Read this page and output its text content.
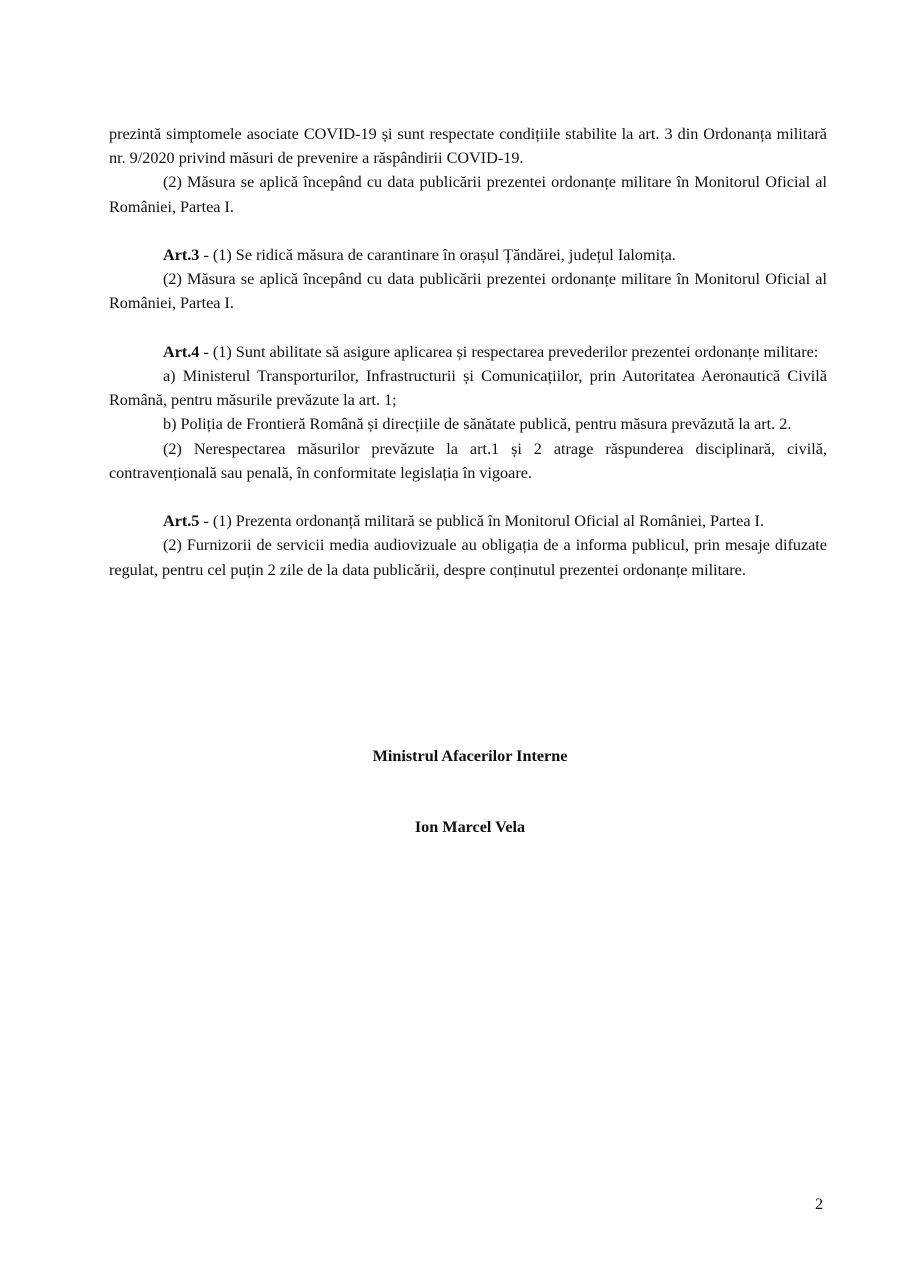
prezintă simptomele asociate COVID-19 și sunt respectate condițiile stabilite la art. 3 din Ordonanța militară nr. 9/2020 privind măsuri de prevenire a răspândirii COVID-19.

(2) Măsura se aplică începând cu data publicării prezentei ordonanțe militare în Monitorul Oficial al României, Partea I.

Art.3 - (1) Se ridică măsura de carantinare în orașul Țăndărei, județul Ialomița.

(2) Măsura se aplică începând cu data publicării prezentei ordonanțe militare în Monitorul Oficial al României, Partea I.

Art.4 - (1) Sunt abilitate să asigure aplicarea și respectarea prevederilor prezentei ordonanțe militare:

a) Ministerul Transporturilor, Infrastructurii și Comunicațiilor, prin Autoritatea Aeronautică Civilă Română, pentru măsurile prevăzute la art. 1;

b) Poliția de Frontieră Română și direcțiile de sănătate publică, pentru măsura prevăzută la art. 2.

(2) Nerespectarea măsurilor prevăzute la art.1 și 2 atrage răspunderea disciplinară, civilă, contravențională sau penală, în conformitate legislația în vigoare.

Art.5 - (1) Prezenta ordonanță militară se publică în Monitorul Oficial al României, Partea I.

(2) Furnizorii de servicii media audiovizuale au obligația de a informa publicul, prin mesaje difuzate regulat, pentru cel puțin 2 zile de la data publicării, despre conținutul prezentei ordonanțe militare.

Ministrul Afacerilor Interne

Ion Marcel Vela

2
